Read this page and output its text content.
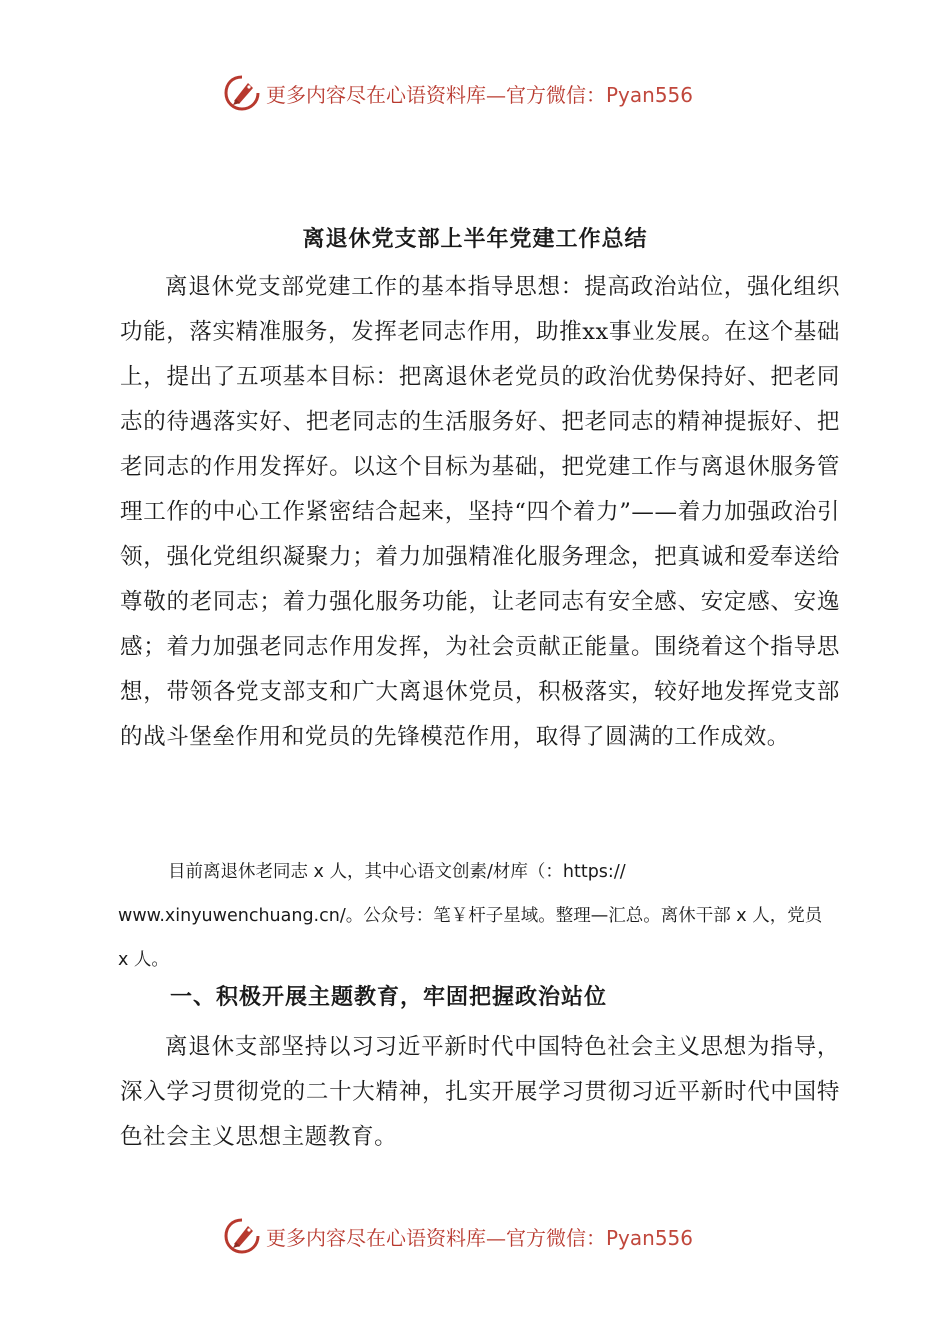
更多内容尽在心语资料库—官方微信：Pyan556
离退休党支部上半年党建工作总结

离退休党支部党建工作的基本指导思想：提高政治站位，强化组织功能，落实精准服务，发挥老同志作用，助推xx事业发展。在这个基础上，提出了五项基本目标：把离退休老党员的政治优势保持好、把老同志的待遇落实好、把老同志的生活服务好、把老同志的精神提振好、把老同志的作用发挥好。以这个目标为基础，把党建工作与离退休服务管理工作的中心工作紧密结合起来，坚持“四个着力”——着力加强政治引领，强化党组织凝聚力；着力加强精准化服务理念，把真诚和爱奉送给尊敬的老同志；着力强化服务功能，让老同志有安全感、安定感、安逸感；着力加强老同志作用发挥，为社会贡献正能量。围绕着这个指导思想，带领各党支部支和广大离退休党员，积极落实，较好地发挥党支部的战斗堡垒作用和党员的先锋模范作用，取得了圆满的工作成效。

目前离退休老同志 x 人，其中心语文创素/材库（：https://
www.xinyuwenchuang.cn/。公众号：笔￥杆子星域。整理—汇总。离休干部 x 人，党员
x 人。
一、积极开展主题教育，牢固把握政治站位

离退休支部坚持以习习近平新时代中国特色社会主义思想为指导，深入学习贯彻党的二十大精神，扎实开展学习贯彻习近平新时代中国特色社会主义思想主题教育。

更多内容尽在心语资料库—官方微信：Pyan556
